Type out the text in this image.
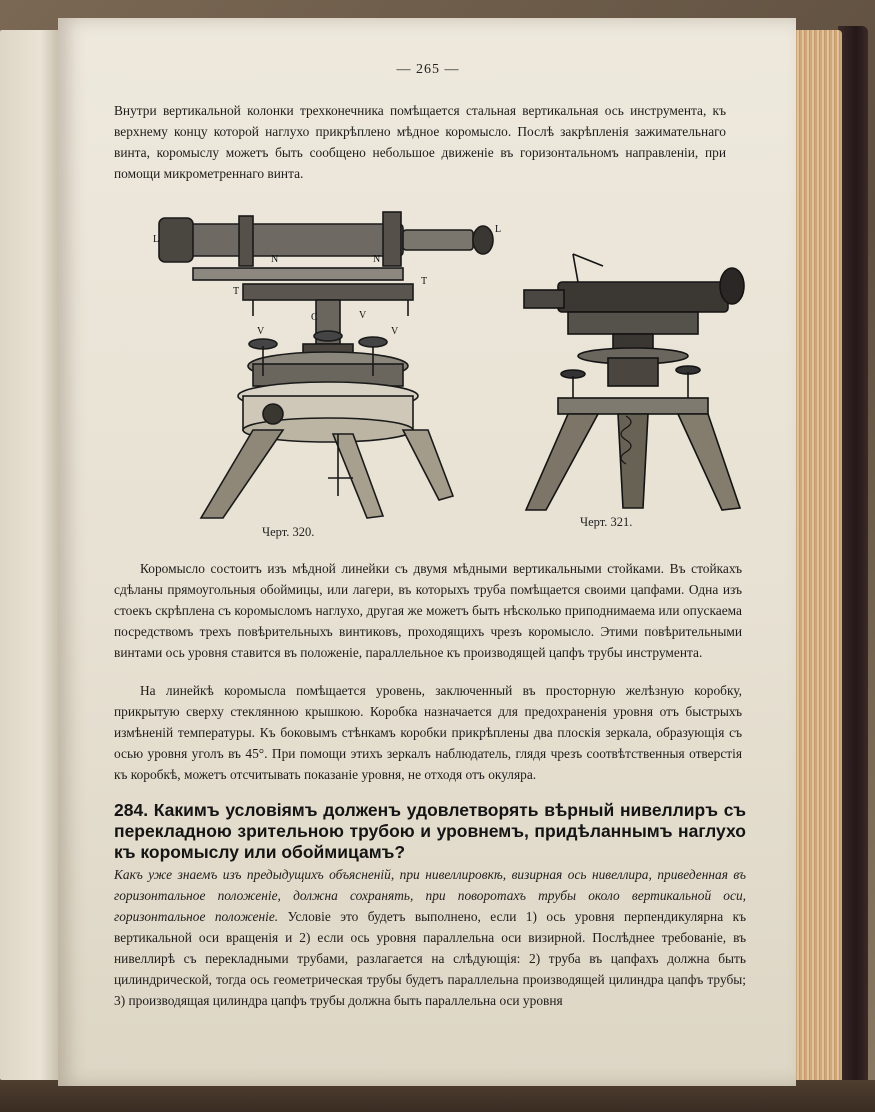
— 265 —

Внутри вертикальной колонки трехконечника помѣщается стальная вертикальная ось инструмента, къ верхнему концу которой наглухо прикрѣплено мѣдное коромысло. Послѣ закрѣпленія зажимательнаго винта, коромыслу можетъ быть сообщено небольшое движеніе въ горизонтальномъ направленіи, при помощи микрометреннаго винта.

L
L
N	N
T
T
C
V
V
V
Черт. 320.
Черт. 321.

Коромысло состоитъ изъ мѣдной линейки съ двумя мѣдными вертикальными стойками. Въ стойкахъ сдѣланы прямоугольныя обоймицы, или лагери, въ которыхъ труба помѣщается своими цапфами. Одна изъ стоекъ скрѣплена съ коромысломъ наглухо, другая же можетъ быть нѣсколько приподнимаема или опускаема посредствомъ трехъ повѣрительныхъ винтиковъ, проходящихъ чрезъ коромысло. Этими повѣрительными винтами ось уровня ставится въ положеніе, параллельное къ производящей цапфъ трубы инструмента.

На линейкѣ коромысла помѣщается уровень, заключенный въ просторную желѣзную коробку, прикрытую сверху стеклянною крышкою. Коробка назначается для предохраненія уровня отъ быстрыхъ измѣненій температуры. Къ боковымъ стѣнкамъ коробки прикрѣплены два плоскія зеркала, образующія съ осью уровня уголъ въ 45°. При помощи этихъ зеркалъ наблюдатель, глядя чрезъ соотвѣтственныя отверстія къ коробкѣ, можетъ отсчитывать показаніе уровня, не отходя отъ окуляра.

284. Какимъ условіямъ долженъ удовлетворять вѣрный нивеллиръ съ перекладною зрительною трубою и уровнемъ, придѣланнымъ наглухо къ коромыслу или обоймицамъ?

Какъ уже знаемъ изъ предыдущихъ объясненій, при нивеллировкѣ, визирная ось нивеллира, приведенная въ горизонтальное положеніе, должна сохранять, при поворотахъ трубы около вертикальной оси, горизонтальное положеніе. Условіе это будетъ выполнено, если 1) ось уровня перпендикулярна къ вертикальной оси вращенія и 2) если ось уровня параллельна оси визирной. Послѣднее требованіе, въ нивеллирѣ съ перекладными трубами, разлагается на слѣдующія: 2) труба въ цапфахъ должна быть цилиндрической, тогда ось геометрическая трубы будетъ параллельна производящей цилиндра цапфъ трубы; 3) производящая цилиндра цапфъ трубы должна быть параллельна оси уровня
